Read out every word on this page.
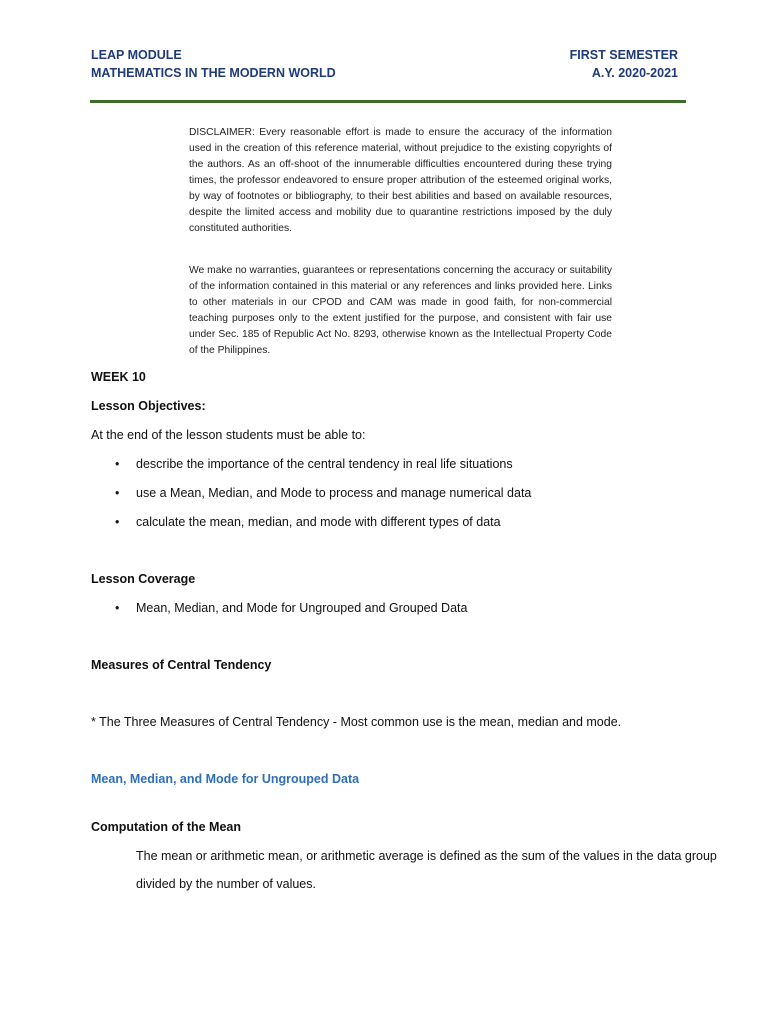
LEAP MODULE
MATHEMATICS IN THE MODERN WORLD
FIRST SEMESTER
A.Y. 2020-2021
DISCLAIMER: Every reasonable effort is made to ensure the accuracy of the information used in the creation of this reference material, without prejudice to the existing copyrights of the authors. As an off-shoot of the innumerable difficulties encountered during these trying times, the professor endeavored to ensure proper attribution of the esteemed original works, by way of footnotes or bibliography, to their best abilities and based on available resources, despite the limited access and mobility due to quarantine restrictions imposed by the duly constituted authorities.
We make no warranties, guarantees or representations concerning the accuracy or suitability of the information contained in this material or any references and links provided here. Links to other materials in our CPOD and CAM was made in good faith, for non-commercial teaching purposes only to the extent justified for the purpose, and consistent with fair use under Sec. 185 of Republic Act No. 8293, otherwise known as the Intellectual Property Code of the Philippines.
WEEK 10
Lesson Objectives:
At the end of the lesson students must be able to:
• describe the importance of the central tendency in real life situations
• use a Mean, Median, and Mode to process and manage numerical data
• calculate the mean, median, and mode with different types of data
Lesson Coverage
• Mean, Median, and Mode for Ungrouped and Grouped Data
Measures of Central Tendency
* The Three Measures of Central Tendency - Most common use is the mean, median and mode.
Mean, Median, and Mode for Ungrouped Data
Computation of the Mean
The mean or arithmetic mean, or arithmetic average is defined as the sum of the values in the data group divided by the number of values.
